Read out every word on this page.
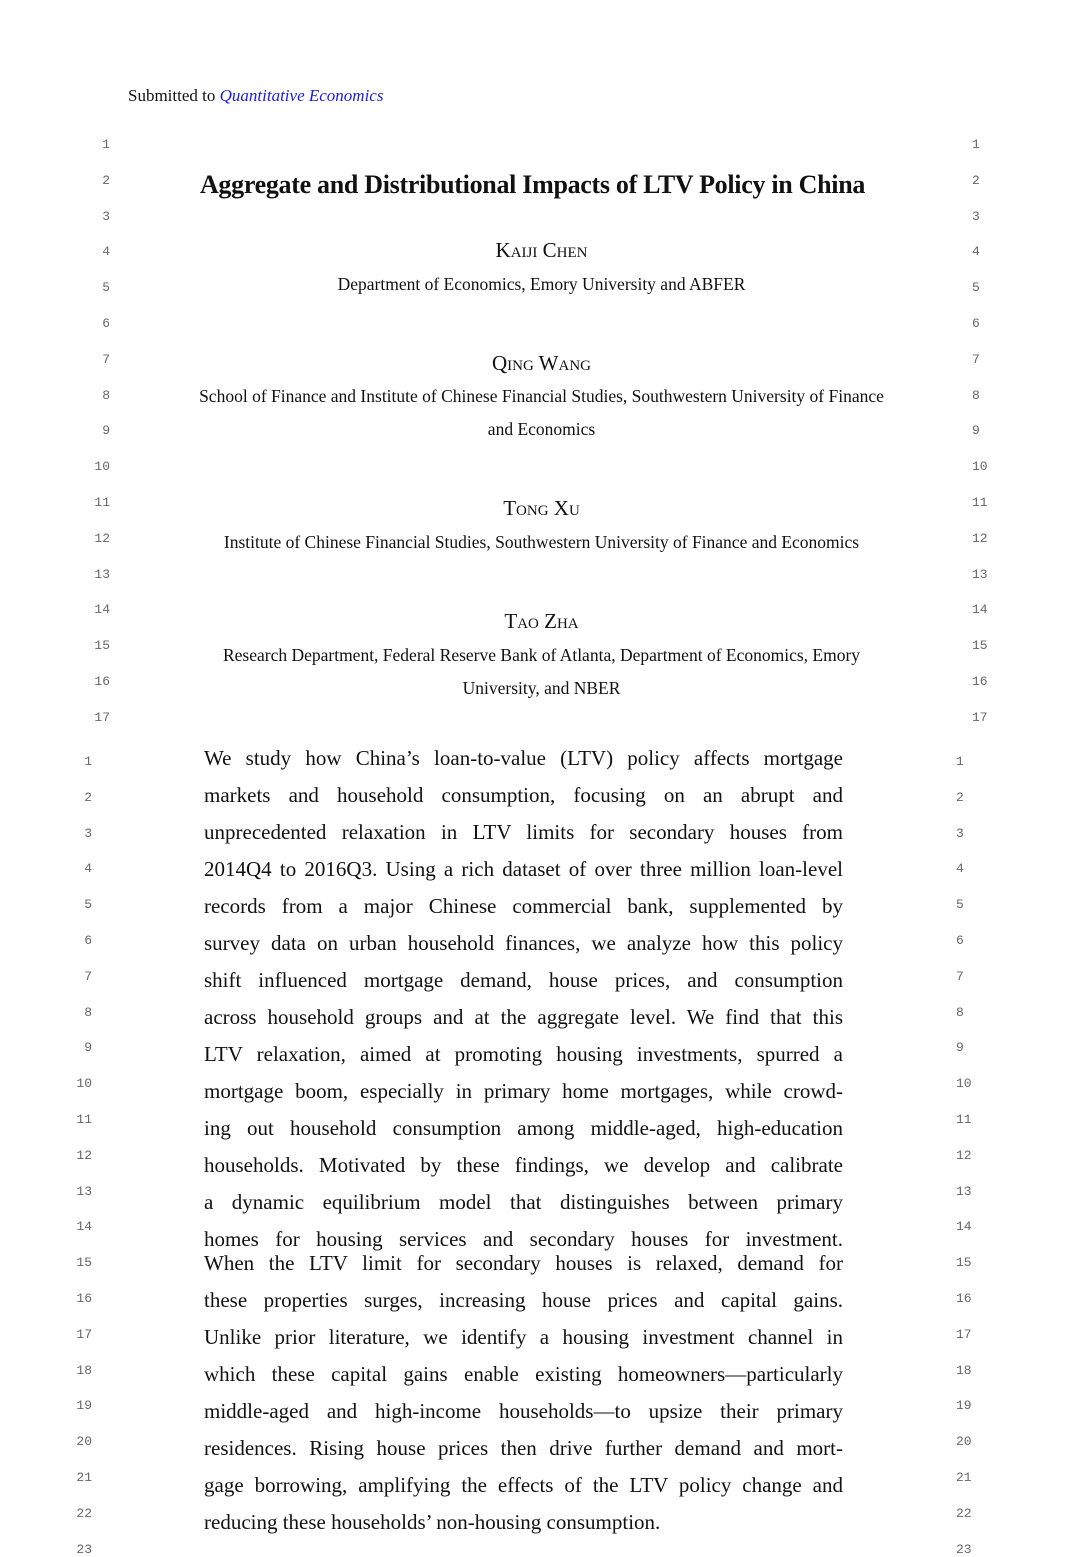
Submitted to Quantitative Economics
1	1
2	2
3	3
4	4
5	5
6	6
7	7
8	8
9	9
10	10
11	11
12	12
13	13
14	14
15	15
16	16
17	17
1	1
2	2
3	3
4	4
5	5
6	6
7	7
8	8
9	9
10	10
11	11
12	12
13	13
14	14
15	15
16	16
17	17
18	18
19	19
20	20
21	21
22	22
23	23
Aggregate and Distributional Impacts of LTV Policy in China
Kaiji Chen
Department of Economics, Emory University and ABFER
Qing Wang
School of Finance and Institute of Chinese Financial Studies, Southwestern University of Finance
and Economics
Tong Xu
Institute of Chinese Financial Studies, Southwestern University of Finance and Economics
Tao Zha
Research Department, Federal Reserve Bank of Atlanta, Department of Economics, Emory
University, and NBER
We study how China’s loan-to-value (LTV) policy affects mortgage
markets and household consumption, focusing on an abrupt and
unprecedented relaxation in LTV limits for secondary houses from
2014Q4 to 2016Q3. Using a rich dataset of over three million loan-level
records from a major Chinese commercial bank, supplemented by
survey data on urban household finances, we analyze how this policy
shift influenced mortgage demand, house prices, and consumption
across household groups and at the aggregate level. We find that this
LTV relaxation, aimed at promoting housing investments, spurred a
mortgage boom, especially in primary home mortgages, while crowd-
ing out household consumption among middle-aged, high-education
households. Motivated by these findings, we develop and calibrate
a dynamic equilibrium model that distinguishes between primary
homes for housing services and secondary houses for investment.
When the LTV limit for secondary houses is relaxed, demand for
these properties surges, increasing house prices and capital gains.
Unlike prior literature, we identify a housing investment channel in
which these capital gains enable existing homeowners—particularly
middle-aged and high-income households—to upsize their primary
residences. Rising house prices then drive further demand and mort-
gage borrowing, amplifying the effects of the LTV policy change and
reducing these households’ non-housing consumption.
